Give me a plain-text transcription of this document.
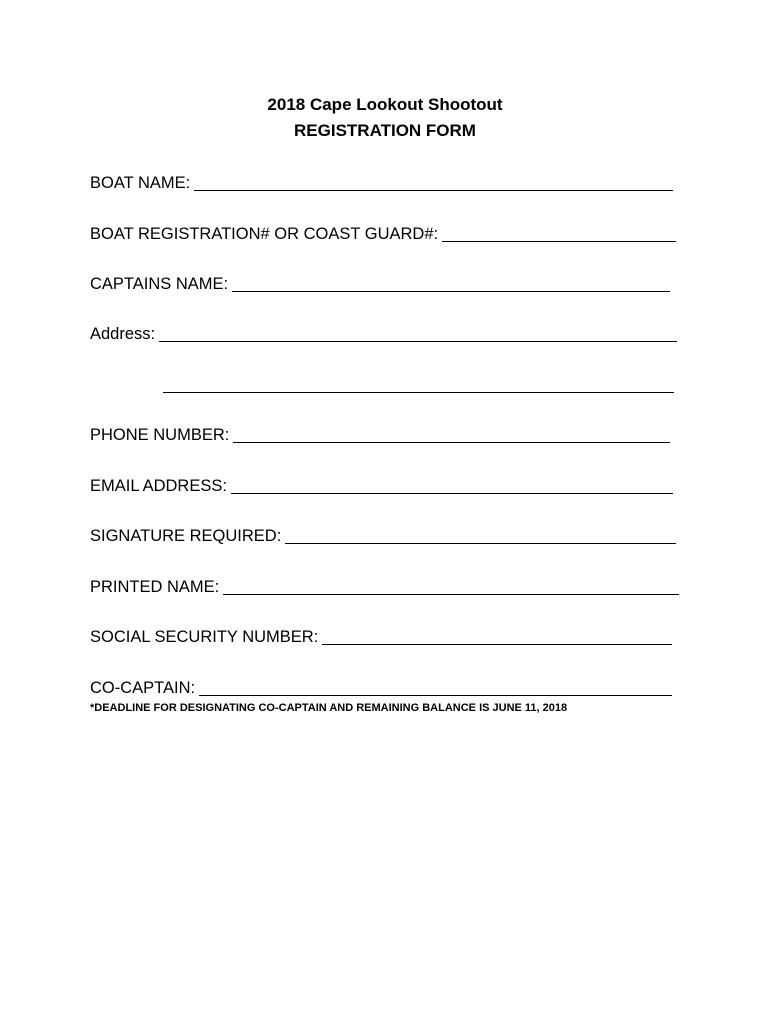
2018 Cape Lookout Shootout
REGISTRATION FORM
BOAT NAME:
BOAT REGISTRATION# OR COAST GUARD#:
CAPTAINS NAME:
Address:
PHONE NUMBER:
EMAIL ADDRESS:
SIGNATURE REQUIRED:
PRINTED NAME:
SOCIAL SECURITY NUMBER:
CO-CAPTAIN:
*DEADLINE FOR DESIGNATING CO-CAPTAIN AND REMAINING BALANCE IS JUNE 11, 2018
